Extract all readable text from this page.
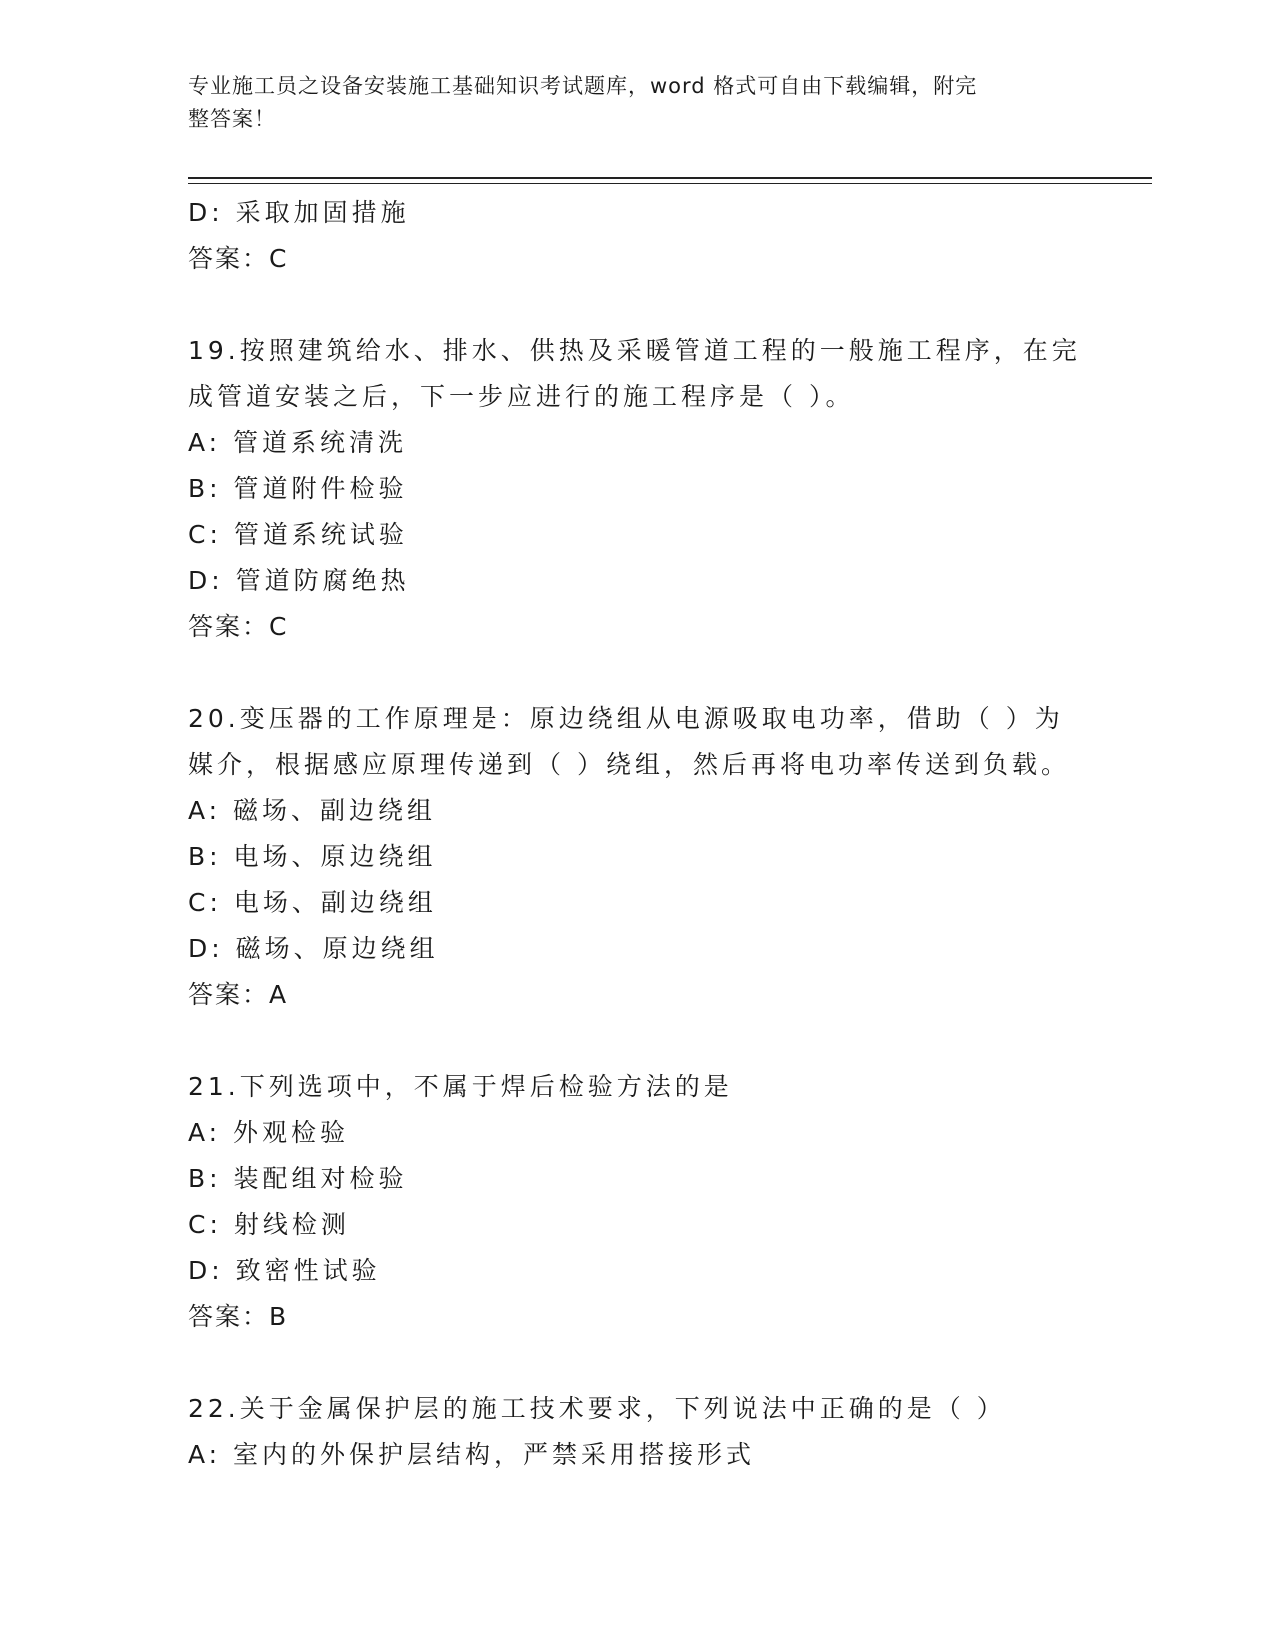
专业施工员之设备安装施工基础知识考试题库，word 格式可自由下载编辑，附完
整答案！
D: 采取加固措施
答案：C
19.按照建筑给水、排水、供热及采暖管道工程的一般施工程序，在完
成管道安装之后，下一步应进行的施工程序是（ ）。
A: 管道系统清洗
B: 管道附件检验
C: 管道系统试验
D: 管道防腐绝热
答案：C
20.变压器的工作原理是：原边绕组从电源吸取电功率，借助（ ）为
媒介，根据感应原理传递到（ ）绕组，然后再将电功率传送到负载。
A: 磁场、副边绕组
B: 电场、原边绕组
C: 电场、副边绕组
D: 磁场、原边绕组
答案：A
21.下列选项中，不属于焊后检验方法的是
A: 外观检验
B: 装配组对检验
C: 射线检测
D: 致密性试验
答案：B
22.关于金属保护层的施工技术要求，下列说法中正确的是（ ）
A: 室内的外保护层结构，严禁采用搭接形式
